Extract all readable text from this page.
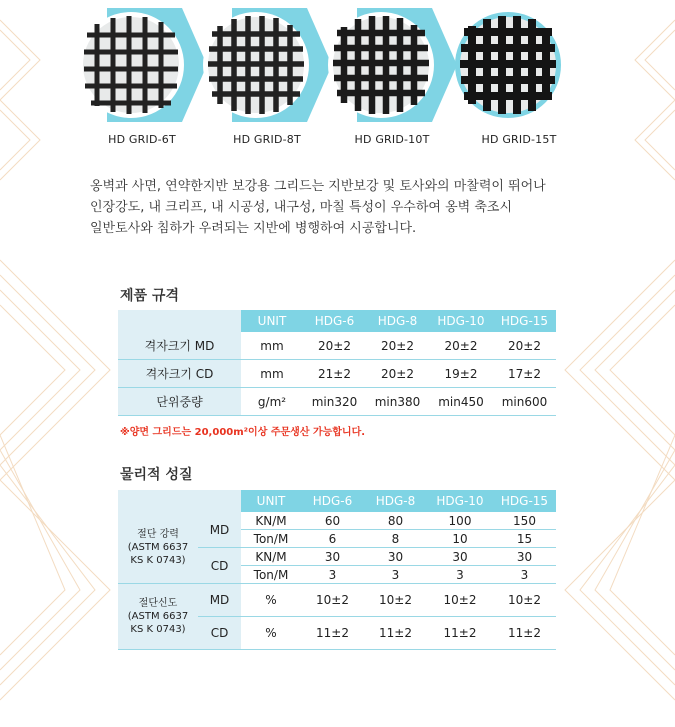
HD GRID-6T	HD GRID-8T	HD GRID-10T	HD GRID-15T
옹벽과 사면, 연약한지반 보강용 그리드는 지반보강 및 토사와의 마찰력이 뛰어나
인장강도, 내 크리프, 내 시공성, 내구성, 마칠 특성이 우수하여 옹벽 축조시
일반토사와 침하가 우려되는 지반에 병행하여 시공합니다.
제품 규격
	UNIT	HDG-6	HDG-8	HDG-10	HDG-15
격자크기 MD	mm	20±2	20±2	20±2	20±2
격자크기 CD	mm	21±2	20±2	19±2	17±2
단위중량	g/m²	min320	min380	min450	min600
※양면 그리드는 20,000m²이상 주문생산 가능합니다.
물리적 성질
		UNIT	HDG-6	HDG-8	HDG-10	HDG-15
절단 강력
(ASTM 6637
KS K 0743)	MD	KN/M	60	80	100	150
		Ton/M	6	8	10	15
	CD	KN/M	30	30	30	30
		Ton/M	3	3	3	3
절단신도
(ASTM 6637
KS K 0743)	MD	%	10±2	10±2	10±2	10±2
	CD	%	11±2	11±2	11±2	11±2
